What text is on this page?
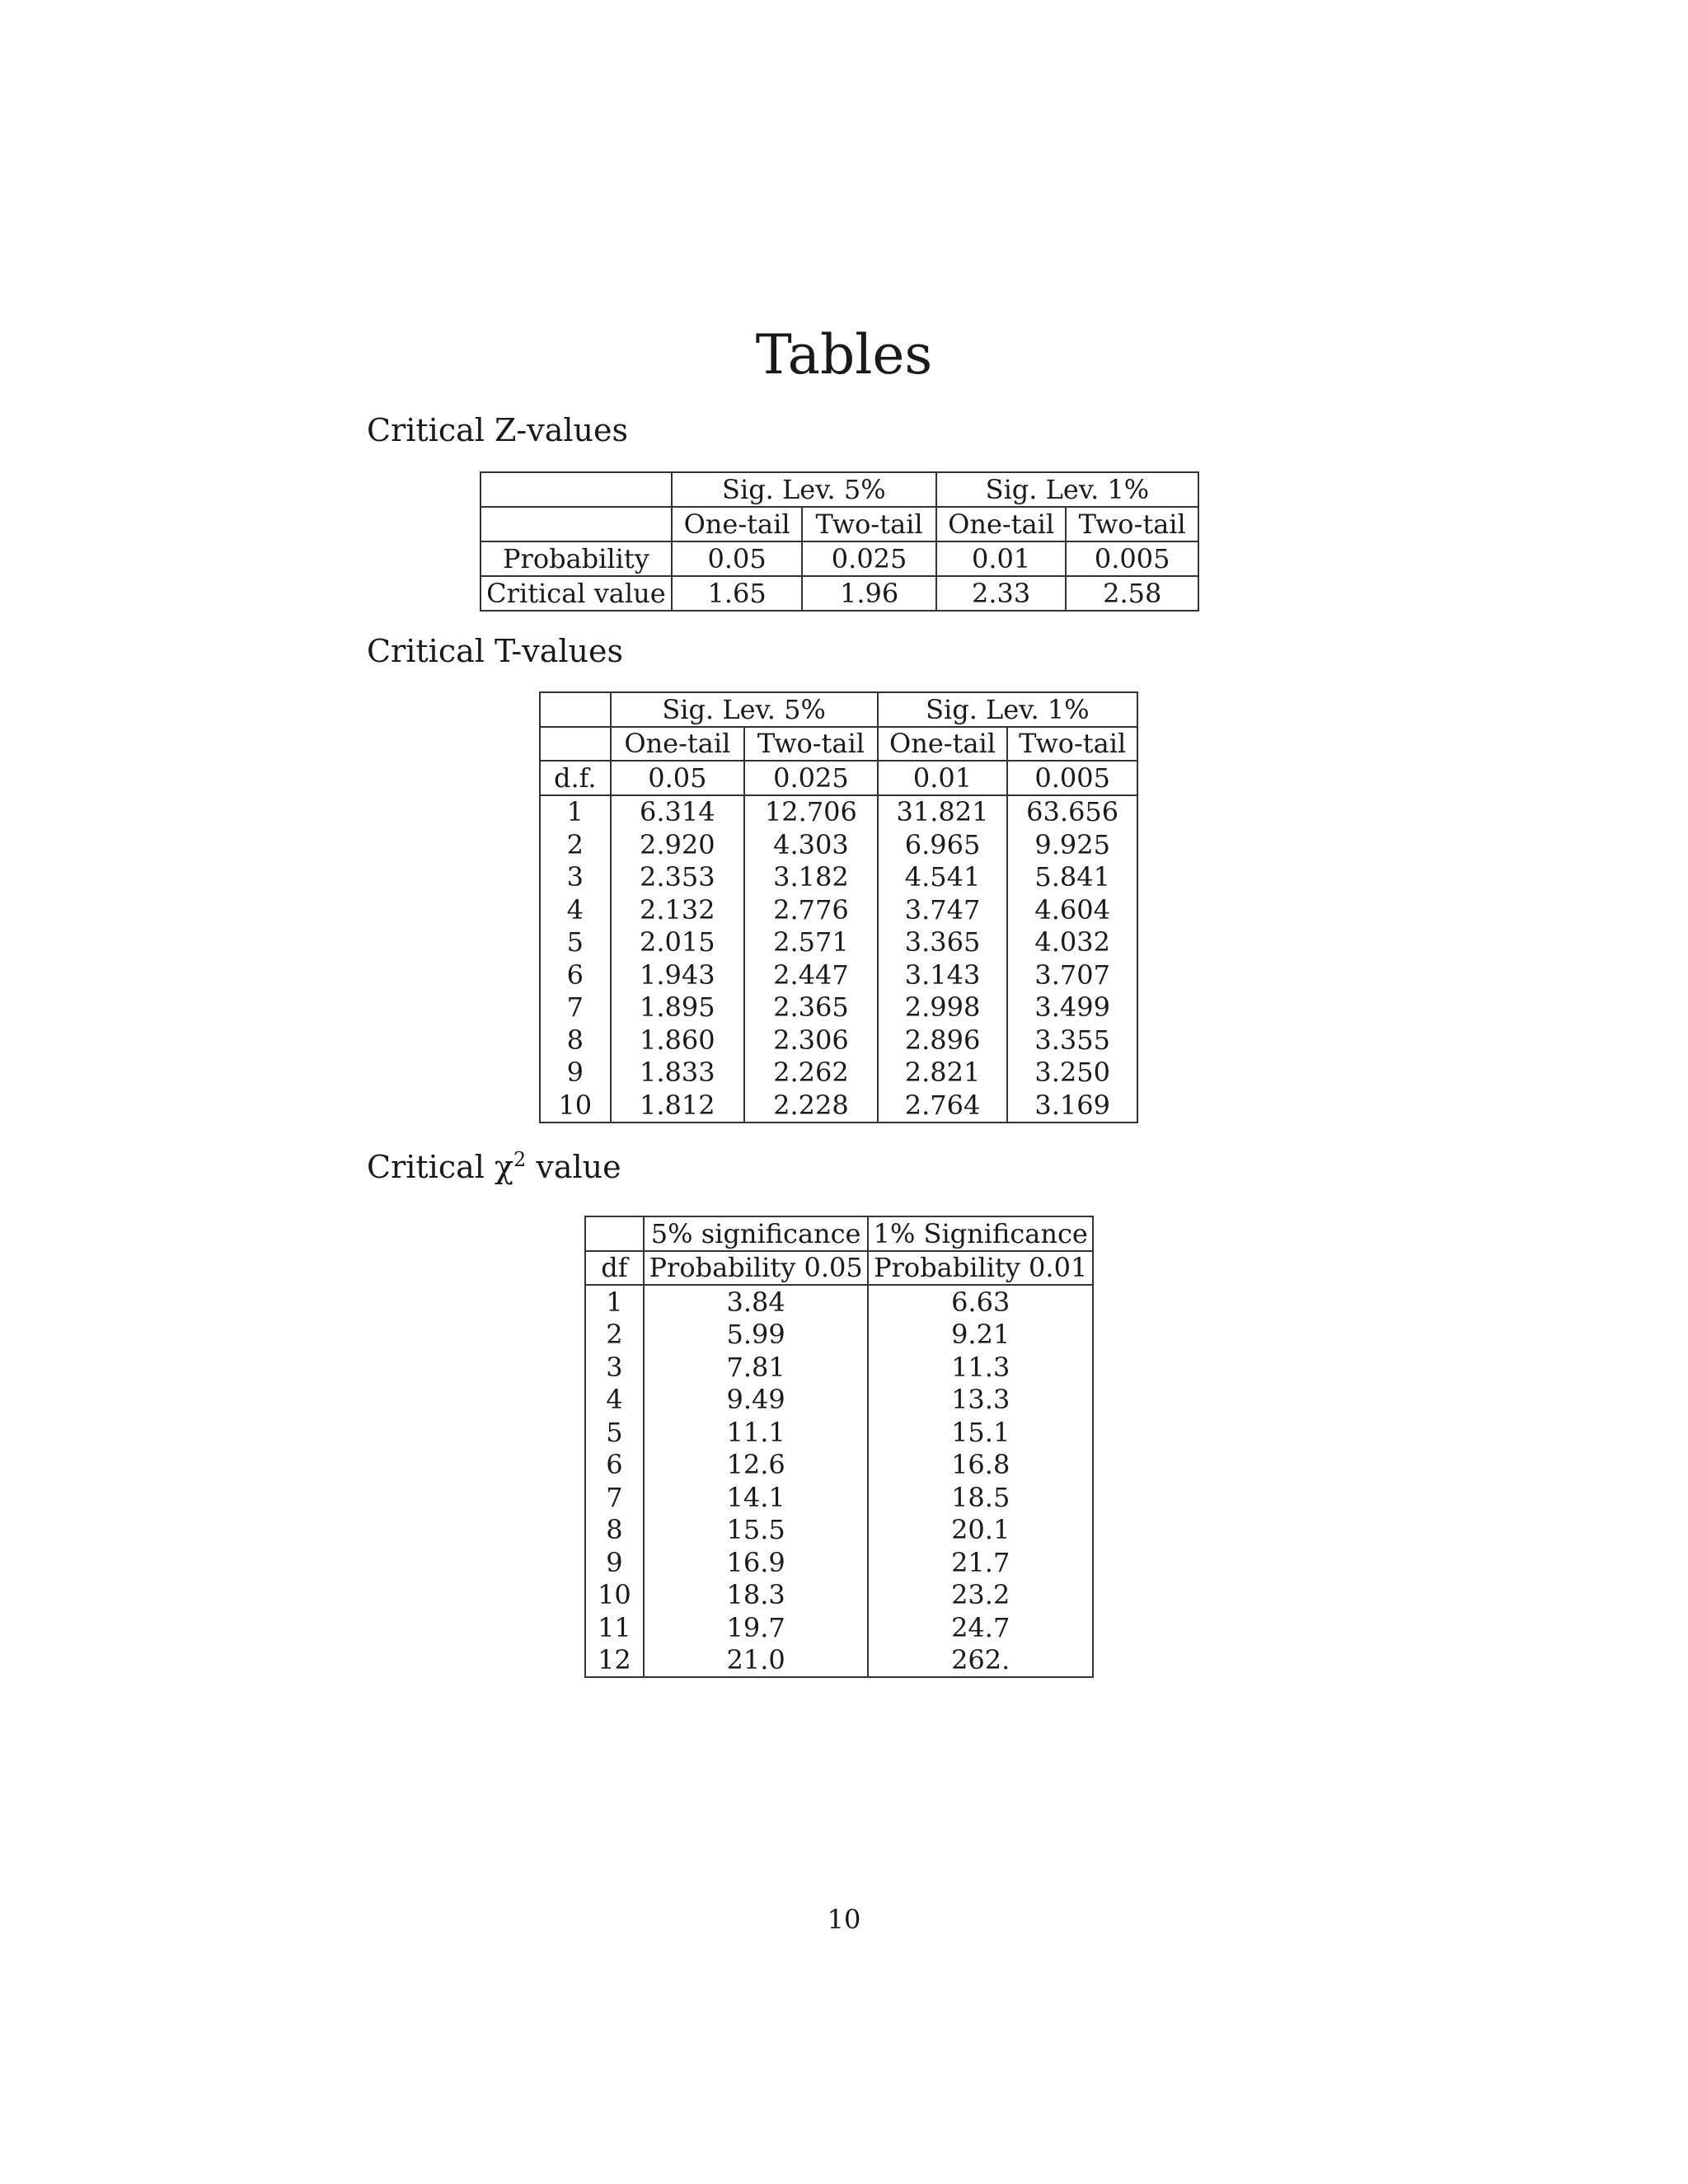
Tables
Critical Z-values
	Sig. Lev. 5%		Sig. Lev. 1%	
	One-tail	Two-tail	One-tail	Two-tail
Probability	0.05	0.025	0.01	0.005
Critical value	1.65	1.96	2.33	2.58
Critical T-values
	Sig. Lev. 5%		Sig. Lev. 1%	
	One-tail	Two-tail	One-tail	Two-tail
d.f.	0.05	0.025	0.01	0.005
1	6.314	12.706	31.821	63.656
2	2.920	4.303	6.965	9.925
3	2.353	3.182	4.541	5.841
4	2.132	2.776	3.747	4.604
5	2.015	2.571	3.365	4.032
6	1.943	2.447	3.143	3.707
7	1.895	2.365	2.998	3.499
8	1.860	2.306	2.896	3.355
9	1.833	2.262	2.821	3.250
10	1.812	2.228	2.764	3.169
Critical $\chi^2$ value
	5% significance	1% Significance
df	Probability 0.05	Probability 0.01
1	3.84	6.63
2	5.99	9.21
3	7.81	11.3
4	9.49	13.3
5	11.1	15.1
6	12.6	16.8
7	14.1	18.5
8	15.5	20.1
9	16.9	21.7
10	18.3	23.2
11	19.7	24.7
12	21.0	262.
10
